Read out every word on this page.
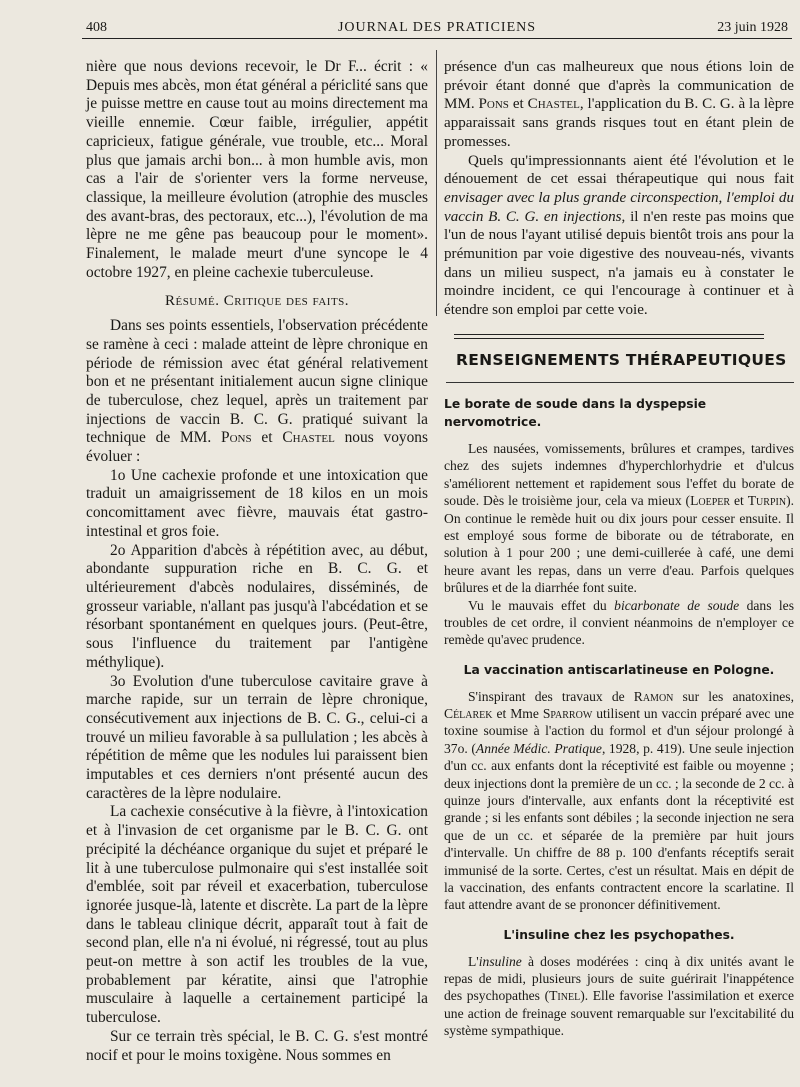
408	JOURNAL DES PRATICIENS	23 juin 1928

nière que nous devions recevoir, le Dr F... écrit : « Depuis mes abcès, mon état général a périclité sans que je puisse mettre en cause tout au moins directement ma vieille ennemie. Cœur faible, irrégulier, appétit capricieux, fatigue générale, vue trouble, etc... Moral plus que jamais archi bon... à mon humble avis, mon cas a l'air de s'orienter vers la forme nerveuse, classique, la meilleure évolution (atrophie des muscles des avant-bras, des pectoraux, etc...), l'évolution de ma lèpre ne me gêne pas beaucoup pour le moment». Finalement, le malade meurt d'une syncope le 4 octobre 1927, en pleine cachexie tuberculeuse.

Résumé. Critique des faits.

Dans ses points essentiels, l'observation précédente se ramène à ceci : malade atteint de lèpre chronique en période de rémission avec état général relativement bon et ne présentant initialement aucun signe clinique de tuberculose, chez lequel, après un traitement par injections de vaccin B. C. G. pratiqué suivant la technique de MM. Pons et Chastel nous voyons évoluer :

1o Une cachexie profonde et une intoxication que traduit un amaigrissement de 18 kilos en un mois concomittament avec fièvre, mauvais état gastro-intestinal et gros foie.

2o Apparition d'abcès à répétition avec, au début, abondante suppuration riche en B. C. G. et ultérieurement d'abcès nodulaires, disséminés, de grosseur variable, n'allant pas jusqu'à l'abcédation et se résorbant spontanément en quelques jours. (Peut-être, sous l'influence du traitement par l'antigène méthylique).

3o Evolution d'une tuberculose cavitaire grave à marche rapide, sur un terrain de lèpre chronique, consécutivement aux injections de B. C. G., celui-ci a trouvé un milieu favorable à sa pullulation ; les abcès à répétition de même que les nodules lui paraissent bien imputables et ces derniers n'ont présenté aucun des caractères de la lèpre nodulaire.

La cachexie consécutive à la fièvre, à l'intoxication et à l'invasion de cet organisme par le B. C. G. ont précipité la déchéance organique du sujet et préparé le lit à une tuberculose pulmonaire qui s'est installée soit d'emblée, soit par réveil et exacerbation, tuberculose ignorée jusque-là, latente et discrète. La part de la lèpre dans le tableau clinique décrit, apparaît tout à fait de second plan, elle n'a ni évolué, ni régressé, tout au plus peut-on mettre à son actif les troubles de la vue, probablement par kératite, ainsi que l'atrophie musculaire à laquelle a certainement participé la tuberculose.

Sur ce terrain très spécial, le B. C. G. s'est montré nocif et pour le moins toxigène. Nous sommes en

présence d'un cas malheureux que nous étions loin de prévoir étant donné que d'après la communication de MM. Pons et Chastel, l'application du B. C. G. à la lèpre apparaissait sans grands risques tout en étant plein de promesses.

Quels qu'impressionnants aient été l'évolution et le dénouement de cet essai thérapeutique qui nous fait envisager avec la plus grande circonspection, l'emploi du vaccin B. C. G. en injections, il n'en reste pas moins que l'un de nous l'ayant utilisé depuis bientôt trois ans pour la prémunition par voie digestive des nouveau-nés, vivants dans un milieu suspect, n'a jamais eu à constater le moindre incident, ce qui l'encourage à continuer et à étendre son emploi par cette voie.

RENSEIGNEMENTS THÉRAPEUTIQUES
Le borate de soude dans la dyspepsie nervomotrice.

Les nausées, vomissements, brûlures et crampes, tardives chez des sujets indemnes d'hyperchlorhydrie et d'ulcus s'améliorent nettement et rapidement sous l'effet du borate de soude. Dès le troisième jour, cela va mieux (Loeper et Turpin). On continue le remède huit ou dix jours pour cesser ensuite. Il est employé sous forme de biborate ou de tétraborate, en solution à 1 pour 200 ; une demi-cuillerée à café, une demi heure avant les repas, dans un verre d'eau. Parfois quelques brûlures et de la diarrhée font suite.

Vu le mauvais effet du bicarbonate de soude dans les troubles de cet ordre, il convient néanmoins de n'employer ce remède qu'avec prudence.

La vaccination antiscarlatineuse en Pologne.

S'inspirant des travaux de Ramon sur les anatoxines, Célarek et Mme Sparrow utilisent un vaccin préparé avec une toxine soumise à l'action du formol et d'un séjour prolongé à 37o. (Année Médic. Pratique, 1928, p. 419). Une seule injection d'un cc. aux enfants dont la réceptivité est faible ou moyenne ; deux injections dont la première de un cc. ; la seconde de 2 cc. à quinze jours d'intervalle, aux enfants dont la réceptivité est grande ; si les enfants sont débiles ; la seconde injection ne sera que de un cc. et séparée de la première par huit jours d'intervalle. Un chiffre de 88 p. 100 d'enfants réceptifs serait immunisé de la sorte. Certes, c'est un résultat. Mais en dépit de la vaccination, des enfants contractent encore la scarlatine. Il faut attendre avant de se prononcer définitivement.

L'insuline chez les psychopathes.

L'insuline à doses modérées : cinq à dix unités avant le repas de midi, plusieurs jours de suite guérirait l'inappétence des psychopathes (Tinel). Elle favorise l'assimilation et exerce une action de freinage souvent remarquable sur l'excitabilité du système sympathique.
